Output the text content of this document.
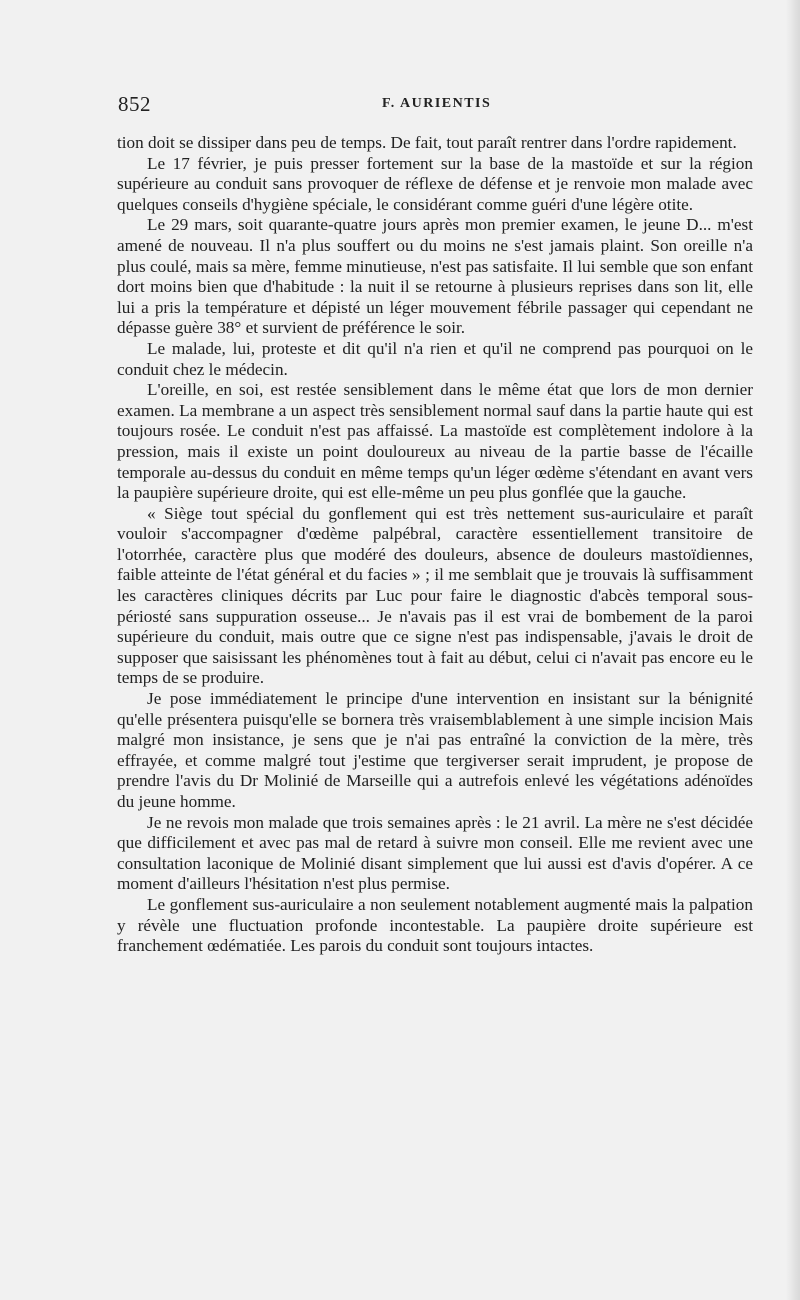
852	F. AURIENTIS

tion doit se dissiper dans peu de temps. De fait, tout paraît rentrer dans l'ordre rapidement.

Le 17 février, je puis presser fortement sur la base de la mastoïde et sur la région supérieure au conduit sans provoquer de réflexe de défense et je renvoie mon malade avec quelques conseils d'hygiène spéciale, le considérant comme guéri d'une légère otite.

Le 29 mars, soit quarante-quatre jours après mon premier examen, le jeune D... m'est amené de nouveau. Il n'a plus souffert ou du moins ne s'est jamais plaint. Son oreille n'a plus coulé, mais sa mère, femme minutieuse, n'est pas satisfaite. Il lui semble que son enfant dort moins bien que d'habitude : la nuit il se retourne à plusieurs reprises dans son lit, elle lui a pris la température et dépisté un léger mouvement fébrile passager qui cependant ne dépasse guère 38° et survient de préférence le soir.

Le malade, lui, proteste et dit qu'il n'a rien et qu'il ne comprend pas pourquoi on le conduit chez le médecin.

L'oreille, en soi, est restée sensiblement dans le même état que lors de mon dernier examen. La membrane a un aspect très sensiblement normal sauf dans la partie haute qui est toujours rosée. Le conduit n'est pas affaissé. La mastoïde est complètement indolore à la pression, mais il existe un point douloureux au niveau de la partie basse de l'écaille temporale au-dessus du conduit en même temps qu'un léger œdème s'étendant en avant vers la paupière supérieure droite, qui est elle-même un peu plus gonflée que la gauche.

« Siège tout spécial du gonflement qui est très nettement sus-auriculaire et paraît vouloir s'accompagner d'œdème palpébral, caractère essentiellement transitoire de l'otorrhée, caractère plus que modéré des douleurs, absence de douleurs mastoïdiennes, faible atteinte de l'état général et du facies » ; il me semblait que je trouvais là suffisamment les caractères cliniques décrits par Luc pour faire le diagnostic d'abcès temporal sous-périosté sans suppuration osseuse... Je n'avais pas il est vrai de bombement de la paroi supérieure du conduit, mais outre que ce signe n'est pas indispensable, j'avais le droit de supposer que saisissant les phénomènes tout à fait au début, celui ci n'avait pas encore eu le temps de se produire.

Je pose immédiatement le principe d'une intervention en insistant sur la bénignité qu'elle présentera puisqu'elle se bornera très vraisemblablement à une simple incision Mais malgré mon insistance, je sens que je n'ai pas entraîné la conviction de la mère, très effrayée, et comme malgré tout j'estime que tergiverser serait imprudent, je propose de prendre l'avis du Dr Molinié de Marseille qui a autrefois enlevé les végétations adénoïdes du jeune homme.

Je ne revois mon malade que trois semaines après : le 21 avril. La mère ne s'est décidée que difficilement et avec pas mal de retard à suivre mon conseil. Elle me revient avec une consultation laconique de Molinié disant simplement que lui aussi est d'avis d'opérer. A ce moment d'ailleurs l'hésitation n'est plus permise.

Le gonflement sus-auriculaire a non seulement notablement augmenté mais la palpation y révèle une fluctuation profonde incontestable. La paupière droite supérieure est franchement œdématiée. Les parois du conduit sont toujours intactes.
